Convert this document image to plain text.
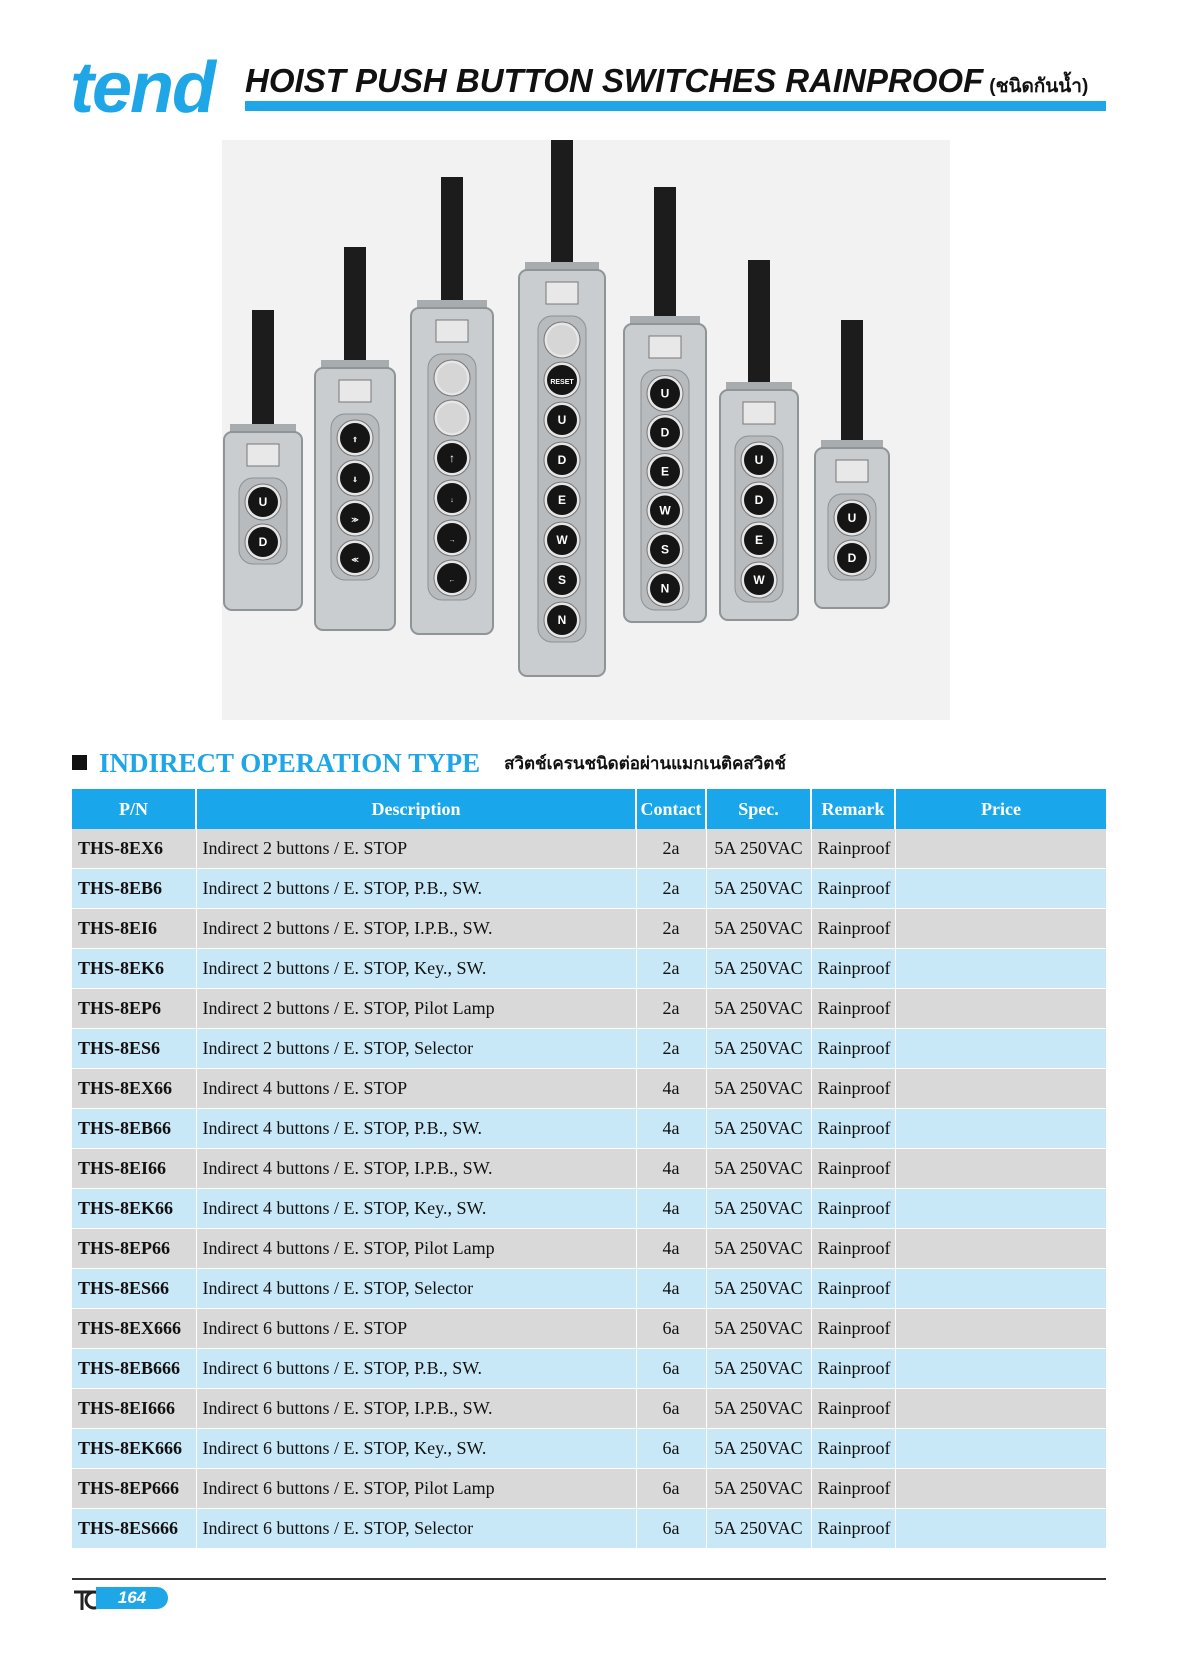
tend HOIST PUSH BUTTON SWITCHES RAINPROOF (ชนิดกันน้ำ)
U
D
⇑
⇓
≫
≪
↑
↓
→
←
RESET
U
D
E
W
S
N
U
D
E
W
S
N
U
D
E
W
U
D
INDIRECT OPERATION TYPE สวิตช์เครนชนิดต่อผ่านแมกเนติคสวิตช์
P/N	Description	Contact	Spec.	Remark	Price
THS-8EX6	Indirect 2 buttons / E. STOP	2a	5A 250VAC	Rainproof	
THS-8EB6	Indirect 2 buttons / E. STOP, P.B., SW.	2a	5A 250VAC	Rainproof	
THS-8EI6	Indirect 2 buttons / E. STOP, I.P.B., SW.	2a	5A 250VAC	Rainproof	
THS-8EK6	Indirect 2 buttons / E. STOP, Key., SW.	2a	5A 250VAC	Rainproof	
THS-8EP6	Indirect 2 buttons / E. STOP, Pilot Lamp	2a	5A 250VAC	Rainproof	
THS-8ES6	Indirect 2 buttons / E. STOP, Selector	2a	5A 250VAC	Rainproof	
THS-8EX66	Indirect 4 buttons / E. STOP	4a	5A 250VAC	Rainproof	
THS-8EB66	Indirect 4 buttons / E. STOP, P.B., SW.	4a	5A 250VAC	Rainproof	
THS-8EI66	Indirect 4 buttons / E. STOP, I.P.B., SW.	4a	5A 250VAC	Rainproof	
THS-8EK66	Indirect 4 buttons / E. STOP, Key., SW.	4a	5A 250VAC	Rainproof	
THS-8EP66	Indirect 4 buttons / E. STOP, Pilot Lamp	4a	5A 250VAC	Rainproof	
THS-8ES66	Indirect 4 buttons / E. STOP, Selector	4a	5A 250VAC	Rainproof	
THS-8EX666	Indirect 6 buttons / E. STOP	6a	5A 250VAC	Rainproof	
THS-8EB666	Indirect 6 buttons / E. STOP, P.B., SW.	6a	5A 250VAC	Rainproof	
THS-8EI666	Indirect 6 buttons / E. STOP, I.P.B., SW.	6a	5A 250VAC	Rainproof	
THS-8EK666	Indirect 6 buttons / E. STOP, Key., SW.	6a	5A 250VAC	Rainproof	
THS-8EP666	Indirect 6 buttons / E. STOP, Pilot Lamp	6a	5A 250VAC	Rainproof	
THS-8ES666	Indirect 6 buttons / E. STOP, Selector	6a	5A 250VAC	Rainproof	
164
